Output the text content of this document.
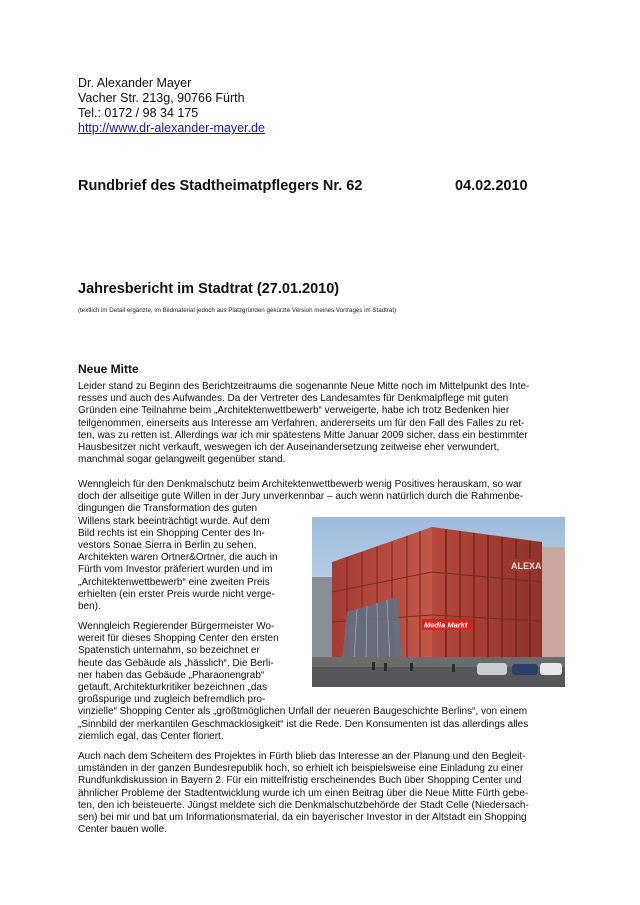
Dr. Alexander Mayer
Vacher Str. 213g, 90766 Fürth
Tel.: 0172 / 98 34 175
http://www.dr-alexander-mayer.de
Rundbrief des Stadtheimatpflegers Nr. 62	04.02.2010
Jahresbericht im Stadtrat (27.01.2010)
(textlich im Detail ergänzte, im Bildmaterial jedoch aus Platzgründen gekürzte Version meines Vortrages im Stadtrat)
Neue Mitte
Leider stand zu Beginn des Berichtzeitraums die sogenannte Neue Mitte noch im Mittelpunkt des Inte-
resses und auch des Aufwandes. Da der Vertreter des Landesamtes für Denkmalpflege mit guten
Gründen eine Teilnahme beim „Architektenwettbewerb“ verweigerte, habe ich trotz Bedenken hier
teilgenommen, einerseits aus Interesse am Verfahren, andererseits um für den Fall des Falles zu ret-
ten, was zu retten ist. Allerdings war ich mir spätestens Mitte Januar 2009 sicher, dass ein bestimmter
Hausbesitzer nicht verkauft, weswegen ich der Auseinandersetzung zeitweise eher verwundert,
manchmal sogar gelangweilt gegenüber stand.
Wenngleich für den Denkmalschutz beim Architektenwettbewerb wenig Positives herauskam, so war
doch der allseitige gute Willen in der Jury unverkennbar – auch wenn natürlich durch die Rahmenbe-
dingungen die Transformation des guten
Willens stark beeinträchtigt wurde. Auf dem
Bild rechts ist ein Shopping Center des In-
vestors Sonae Sierra in Berlin zu sehen,
Architekten waren Ortner&Ortner, die auch in
Fürth vom Investor präferiert wurden und im
„Architektenwettbewerb“ eine zweiten Preis
erhielten (ein erster Preis wurde nicht verge-
ben).
Wenngleich Regierender Bürgermeister Wo-
wereit für dieses Shopping Center den ersten
Spatenstich unternahm, so bezeichnet er
heute das Gebäude als „hässlich“. Die Berli-
ner haben das Gebäude „Pharaonengrab“
getauft, Architekturkritiker bezeichnen „das
großspurige und zugleich befremdlich pro-
vinzielle“ Shopping Center als „größtmöglichen Unfall der neueren Baugeschichte Berlins“, von einem
„Sinnbild der merkantilen Geschmacklosigkeit“ ist die Rede. Den Konsumenten ist das allerdings alles
ziemlich egal, das Center floriert.
Auch nach dem Scheitern des Projektes in Fürth blieb das Interesse an der Planung und den Begleit-
umständen in der ganzen Bundesrepublik hoch, so erhielt ich beispielsweise eine Einladung zu einer
Rundfunkdiskussion in Bayern 2. Für ein mittelfristig erscheinendes Buch über Shopping Center und
ähnlicher Probleme der Stadtentwicklung wurde ich um einen Beitrag über die Neue Mitte Fürth gebe-
ten, den ich beisteuerte. Jüngst meldete sich die Denkmalschutzbehörde der Stadt Celle (Niedersach-
sen) bei mir und bat um Informationsmaterial, da ein bayerischer Investor in der Altstadt ein Shopping
Center bauen wolle.
ALEXA
Media Markt
